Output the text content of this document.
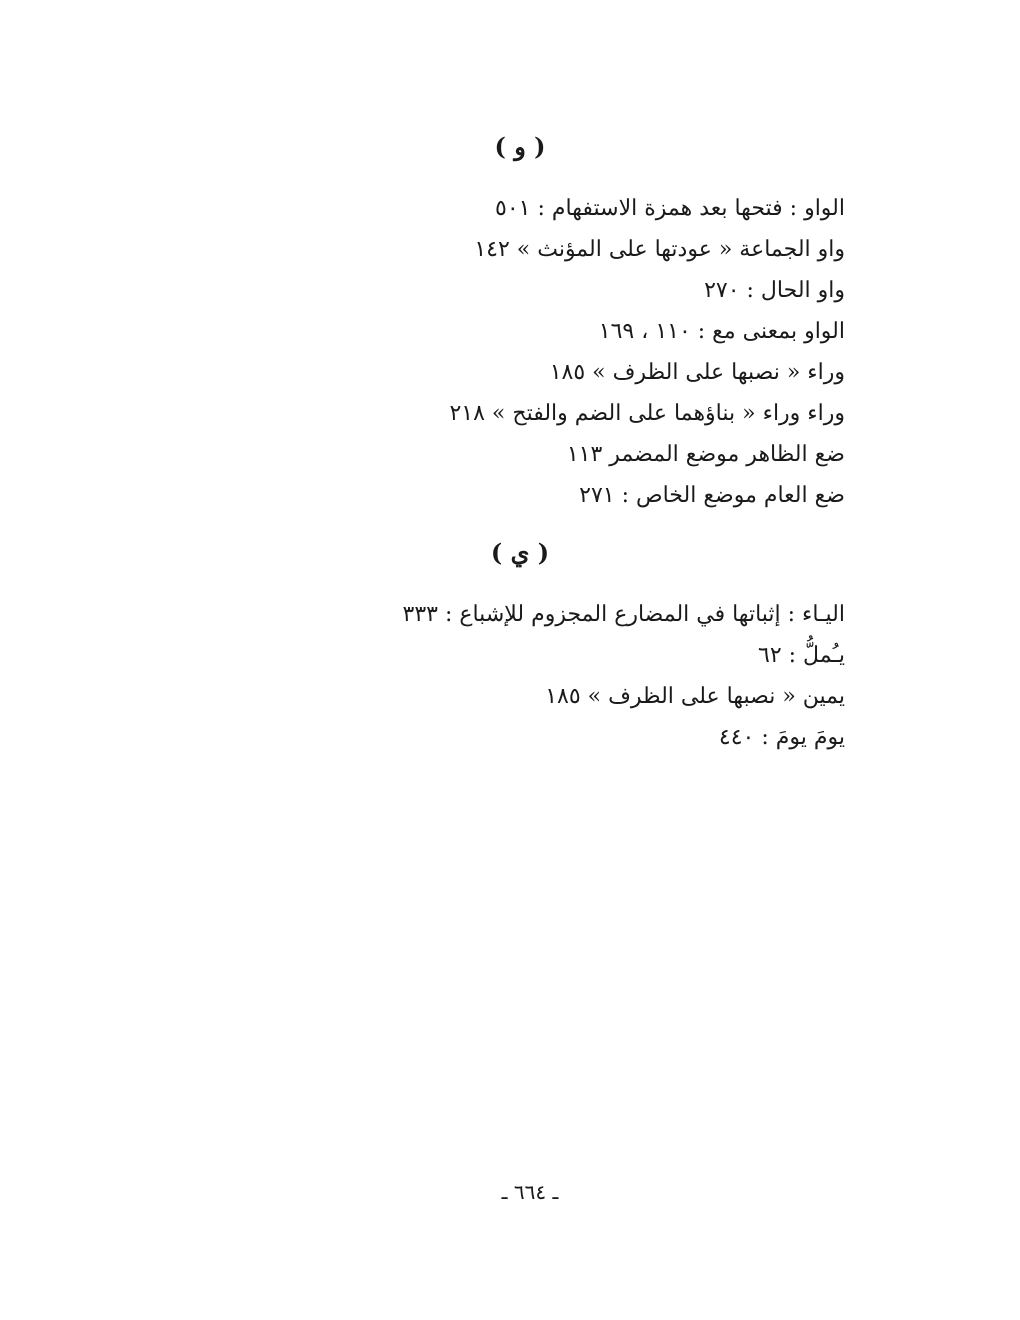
( و )
الواو : فتحها بعد همزة الاستفهام : ٥٠١
واو الجماعة « عودتها على المؤنث » ١٤٢
واو الحال : ٢٧٠
الواو بمعنى مع : ١١٠ ، ١٦٩
وراء « نصبها على الظرف » ١٨٥
وراء وراء « بناؤهما على الضم والفتح » ٢١٨
ضع الظاهر موضع المضمر ١١٣
ضع العام موضع الخاص : ٢٧١
( ي )
اليـاء : إثباتها في المضارع المجزوم للإشباع : ٣٣٣
يـُملُّ : ٦٢
يمين « نصبها على الظرف » ١٨٥
يومَ يومَ : ٤٤٠
ـ ٦٦٤ ـ
